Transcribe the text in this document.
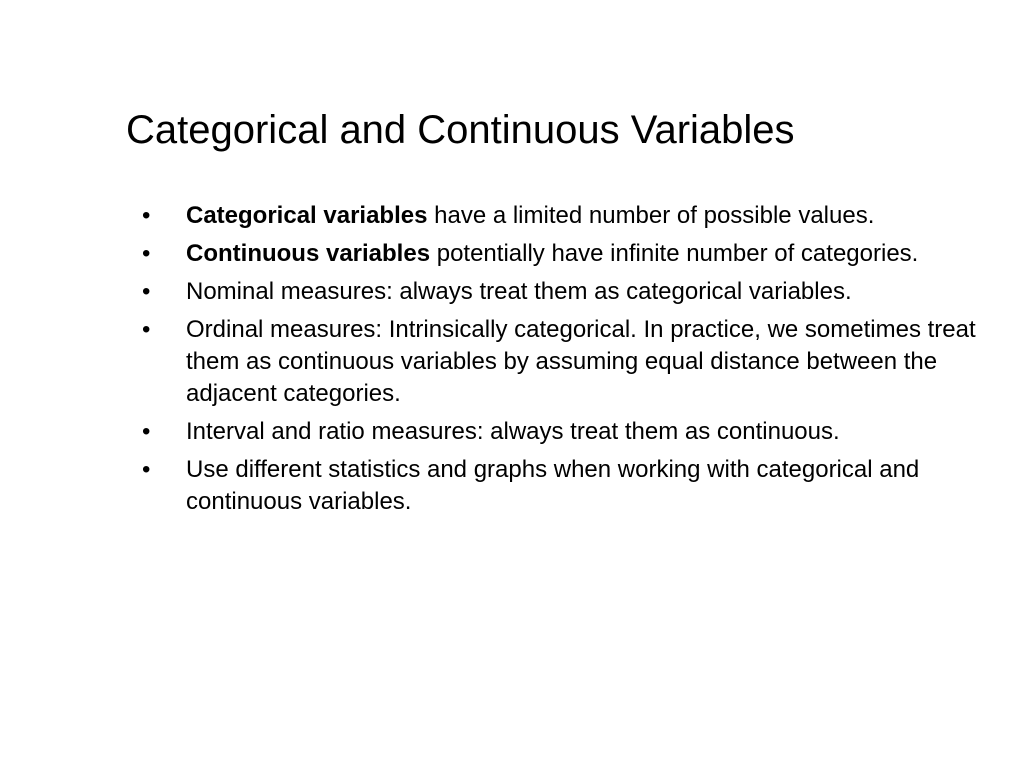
Categorical and Continuous Variables
• Categorical variables have a limited number of possible values.
• Continuous variables potentially have infinite number of categories.
• Nominal measures: always treat them as categorical variables.
• Ordinal measures: Intrinsically categorical. In practice, we sometimes treat them as continuous variables by assuming equal distance between the adjacent categories.
• Interval and ratio measures: always treat them as continuous.
• Use different statistics and graphs when working with categorical and continuous variables.
